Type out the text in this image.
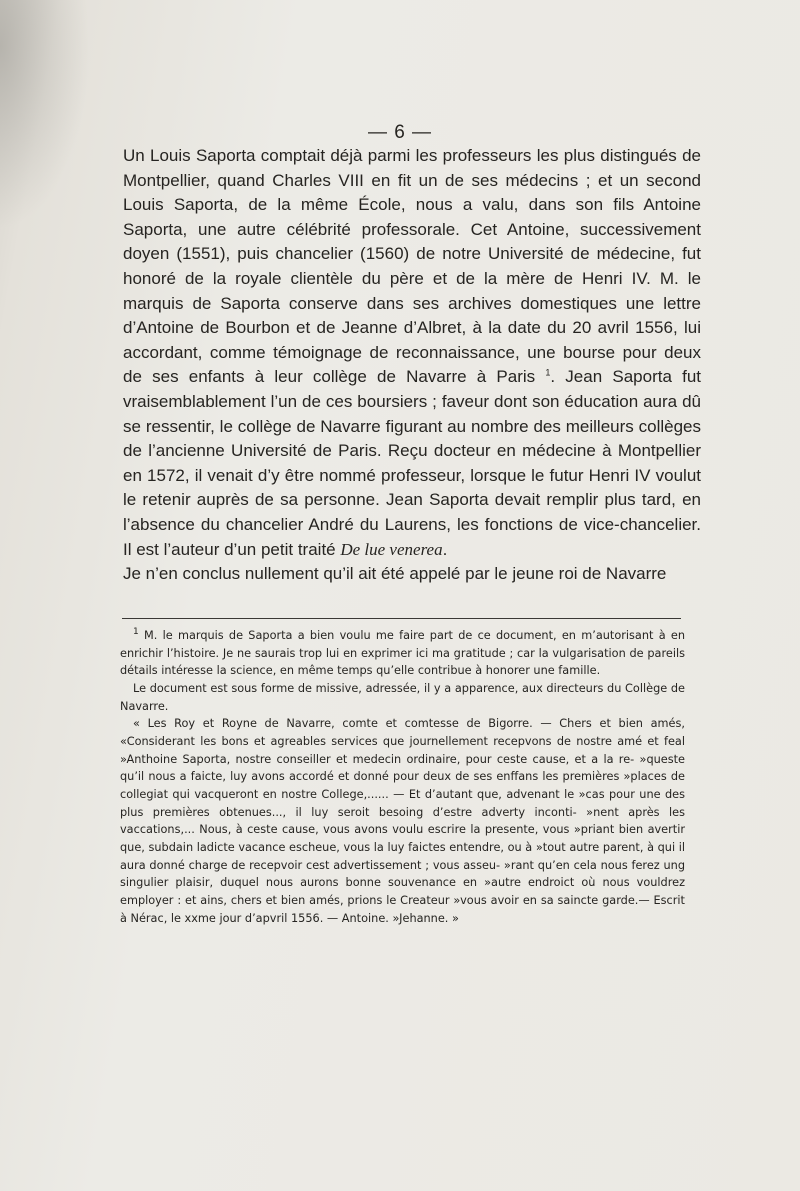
— 6 —

Un Louis Saporta comptait déjà parmi les professeurs les plus distingués de Montpellier, quand Charles VIII en fit un de ses médecins ; et un second Louis Saporta, de la même École, nous a valu, dans son fils Antoine Saporta, une autre célébrité professorale. Cet Antoine, successivement doyen (1551), puis chancelier (1560) de notre Université de médecine, fut honoré de la royale clientèle du père et de la mère de Henri IV. M. le marquis de Saporta conserve dans ses archives domestiques une lettre d’Antoine de Bourbon et de Jeanne d’Albret, à la date du 20 avril 1556, lui accordant, comme témoignage de reconnaissance, une bourse pour deux de ses enfants à leur collège de Navarre à Paris $^1$. Jean Saporta fut vraisemblablement l’un de ces boursiers ; faveur dont son éducation aura dû se ressentir, le collège de Navarre figurant au nombre des meilleurs collèges de l’ancienne Université de Paris. Reçu docteur en médecine à Montpellier en 1572, il venait d’y être nommé professeur, lorsque le futur Henri IV voulut le retenir auprès de sa personne. Jean Saporta devait remplir plus tard, en l’absence du chancelier André du Laurens, les fonctions de vice-chancelier. Il est l’auteur d’un petit traité De lue venerea.

Je n’en conclus nullement qu’il ait été appelé par le jeune roi de Navarre

$^1$ M. le marquis de Saporta a bien voulu me faire part de ce document, en m’autorisant à en enrichir l’histoire. Je ne saurais trop lui en exprimer ici ma gratitude ; car la vulgarisation de pareils détails intéresse la science, en même temps qu’elle contribue à honorer une famille.

Le document est sous forme de missive, adressée, il y a apparence, aux directeurs du Collège de Navarre.

« Les Roy et Royne de Navarre, comte et comtesse de Bigorre. — Chers et bien amés, «Considerant les bons et agreables services que journellement recepvons de nostre amé et feal »Anthoine Saporta, nostre conseiller et medecin ordinaire, pour ceste cause, et a la re- »queste qu’il nous a faicte, luy avons accordé et donné pour deux de ses enffans les premières »places de collegiat qui vacqueront en nostre College,...... — Et d’autant que, advenant le »cas pour une des plus premières obtenues..., il luy seroit besoing d’estre adverty inconti- »nent après les vaccations,... Nous, à ceste cause, vous avons voulu escrire la presente, vous »priant bien avertir que, subdain ladicte vacance escheue, vous la luy faictes entendre, ou à »tout autre parent, à qui il aura donné charge de recepvoir cest advertissement ; vous asseu- »rant qu’en cela nous ferez ung singulier plaisir, duquel nous aurons bonne souvenance en »autre endroict où nous vouldrez employer : et ains, chers et bien amés, prions le Createur »vous avoir en sa saincte garde.— Escrit à Nérac, le xxme jour d’apvril 1556. — Antoine. »Jehanne. »
